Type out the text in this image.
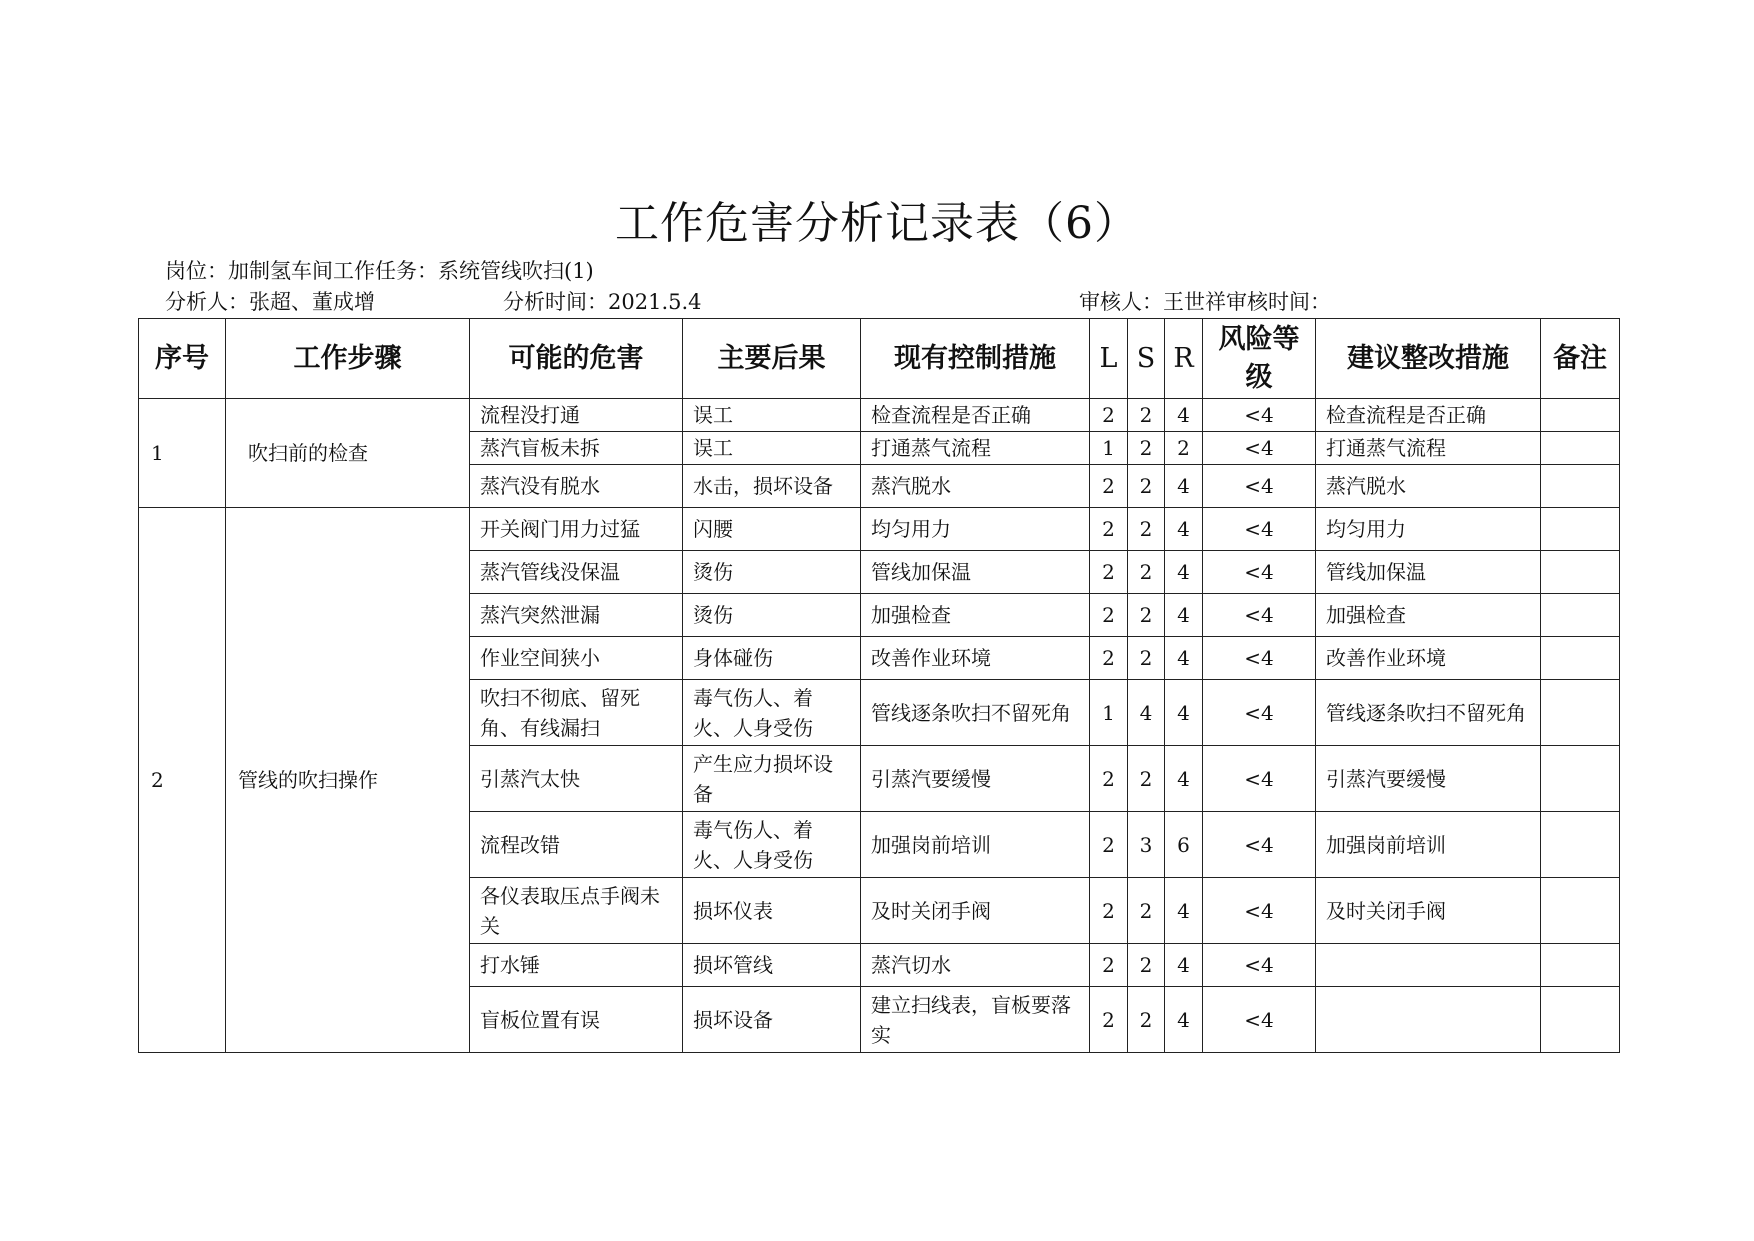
工作危害分析记录表（6）
岗位：加制氢车间工作任务：系统管线吹扫(1)
分析人：张超、董成增	分析时间：2021.5.4	审核人：王世祥审核时间：
序号	工作步骤	可能的危害	主要后果	现有控制措施	L	S	R	风险等级	建议整改措施	备注
1	吹扫前的检查	流程没打通	误工	检查流程是否正确	2	2	4	<4	检查流程是否正确	
		蒸汽盲板未拆	误工	打通蒸气流程	1	2	2	<4	打通蒸气流程	
		蒸汽没有脱水	水击，损坏设备	蒸汽脱水	2	2	4	<4	蒸汽脱水	
2	管线的吹扫操作	开关阀门用力过猛	闪腰	均匀用力	2	2	4	<4	均匀用力	
		蒸汽管线没保温	烫伤	管线加保温	2	2	4	<4	管线加保温	
		蒸汽突然泄漏	烫伤	加强检查	2	2	4	<4	加强检查	
		作业空间狭小	身体碰伤	改善作业环境	2	2	4	<4	改善作业环境	
		吹扫不彻底、留死角、有线漏扫	毒气伤人、着火、人身受伤	管线逐条吹扫不留死角	1	4	4	<4	管线逐条吹扫不留死角	
		引蒸汽太快	产生应力损坏设备	引蒸汽要缓慢	2	2	4	<4	引蒸汽要缓慢	
		流程改错	毒气伤人、着火、人身受伤	加强岗前培训	2	3	6	<4	加强岗前培训	
		各仪表取压点手阀未关	损坏仪表	及时关闭手阀	2	2	4	<4	及时关闭手阀	
		打水锤	损坏管线	蒸汽切水	2	2	4	<4		
		盲板位置有误	损坏设备	建立扫线表，盲板要落实	2	2	4	<4		
